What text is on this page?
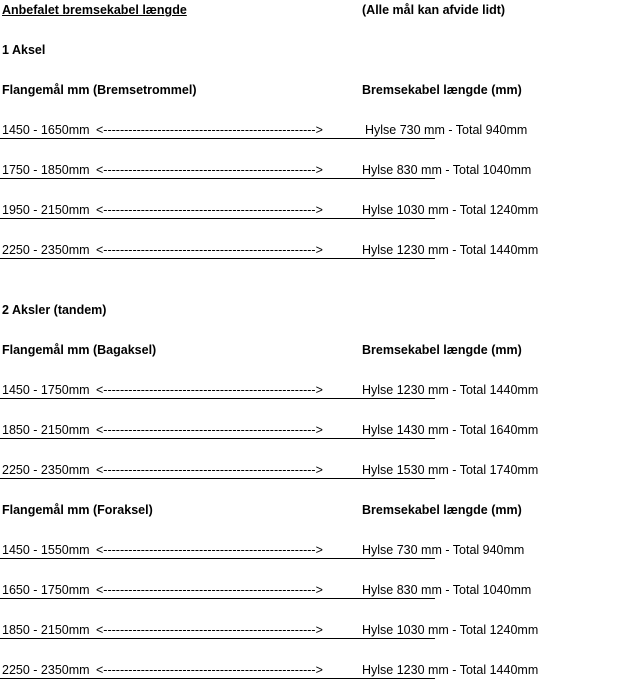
Anbefalet bremsekabel længde	(Alle mål kan afvide lidt)
1 Aksel
Flangemål mm (Bremsetrommel)	Bremsekabel længde (mm)
1450 - 1650mm <--------------------------------------------------->	Hylse 730 mm - Total 940mm
1750 - 1850mm <--------------------------------------------------->	Hylse 830 mm - Total 1040mm
1950 - 2150mm <--------------------------------------------------->	Hylse 1030 mm - Total 1240mm
2250 - 2350mm <--------------------------------------------------->	Hylse 1230 mm - Total 1440mm
2 Aksler (tandem)
Flangemål mm (Bagaksel)	Bremsekabel længde (mm)
1450 - 1750mm <--------------------------------------------------->	Hylse 1230 mm - Total 1440mm
1850 - 2150mm <--------------------------------------------------->	Hylse 1430 mm - Total 1640mm
2250 - 2350mm <--------------------------------------------------->	Hylse 1530 mm - Total 1740mm
Flangemål mm (Foraksel)	Bremsekabel længde (mm)
1450 - 1550mm <--------------------------------------------------->	Hylse 730 mm - Total 940mm
1650 - 1750mm <--------------------------------------------------->	Hylse 830 mm - Total 1040mm
1850 - 2150mm <--------------------------------------------------->	Hylse 1030 mm - Total 1240mm
2250 - 2350mm <--------------------------------------------------->	Hylse 1230 mm - Total 1440mm
